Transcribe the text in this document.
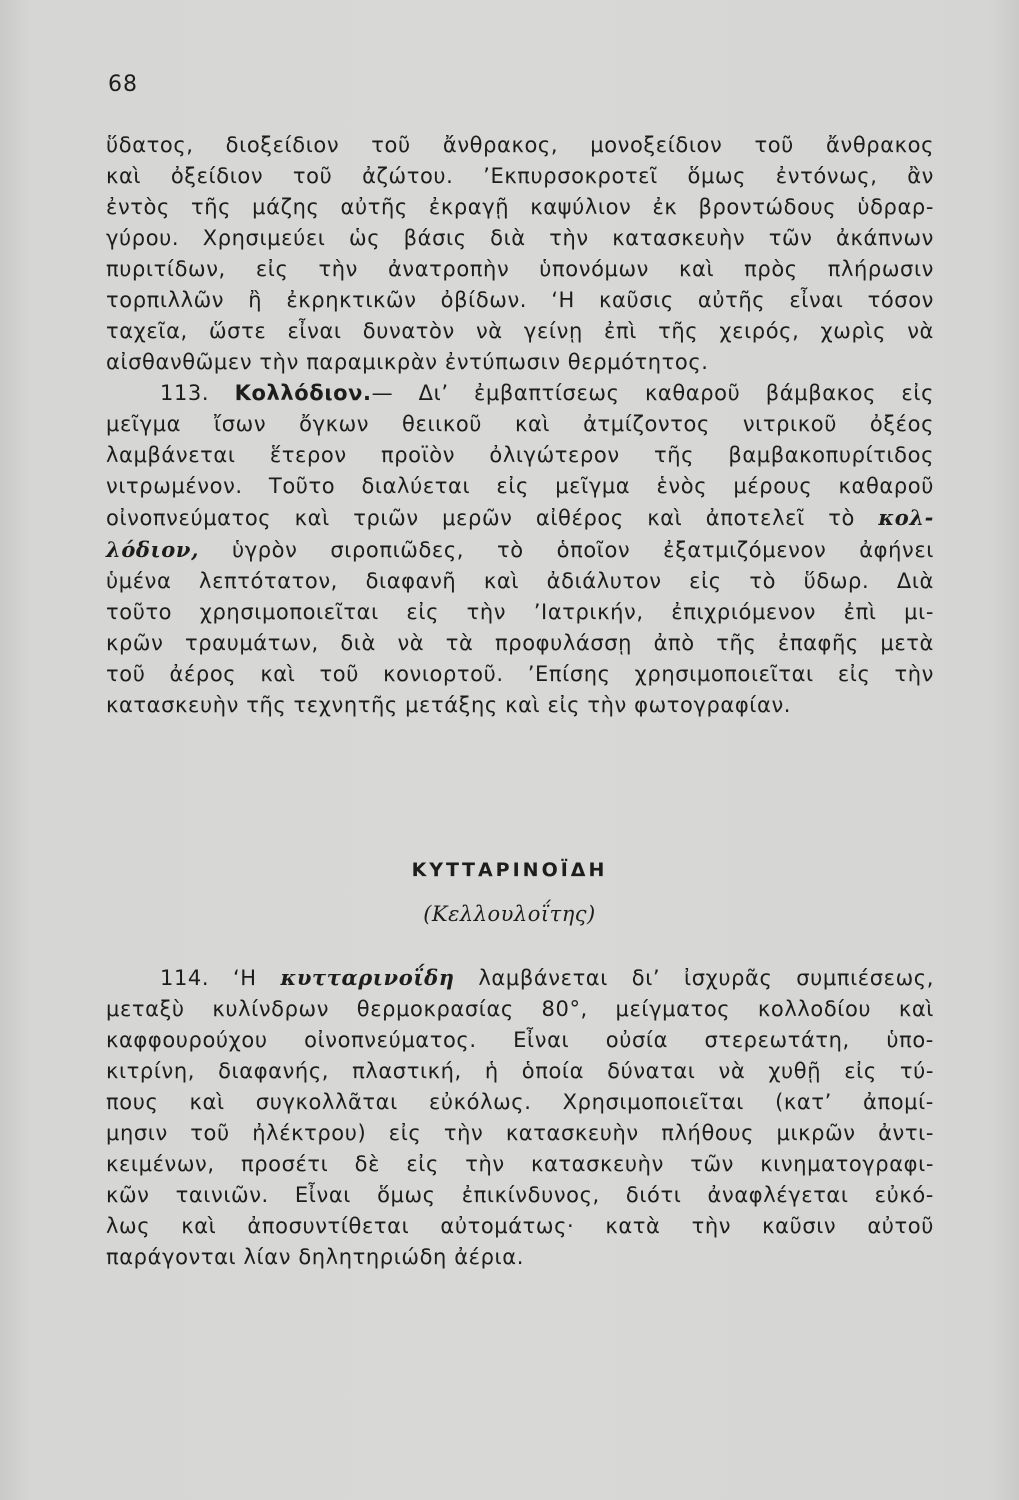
68

ὕδατος, διοξείδιον τοῦ ἄνθρακος, μονοξείδιον τοῦ ἄνθρακος

καὶ ὀξείδιον τοῦ ἀζώτου. ’Εκπυρσοκροτεῖ ὅμως ἐντόνως, ἂν

ἐντὸς τῆς μάζης αὐτῆς ἐκραγῇ καψύλιον ἐκ βροντώδους ὑδραρ-

γύρου. Χρησιμεύει ὡς βάσις διὰ τὴν κατασκευὴν τῶν ἀκάπνων

πυριτίδων, εἰς τὴν ἀνατροπὴν ὑπονόμων καὶ πρὸς πλήρωσιν

τορπιλλῶν ἢ ἐκρηκτικῶν ὀβίδων. ‘Η καῦσις αὐτῆς εἶναι τόσον

ταχεῖα, ὥστε εἶναι δυνατὸν νὰ γείνῃ ἐπὶ τῆς χειρός, χωρὶς νὰ

αἰσθανθῶμεν τὴν παραμικρὰν ἐντύπωσιν θερμότητος.

113. Κολλόδιον.— Δι’ ἐμβαπτίσεως καθαροῦ βάμβακος εἰς

μεῖγμα ἴσων ὄγκων θειικοῦ καὶ ἀτμίζοντος νιτρικοῦ ὀξέος

λαμβάνεται ἕτερον προϊὸν ὀλιγώτερον τῆς βαμβακοπυρίτιδος

νιτρωμένον. Τοῦτο διαλύεται εἰς μεῖγμα ἑνὸς μέρους καθαροῦ

οἰνοπνεύματος καὶ τριῶν μερῶν αἰθέρος καὶ ἀποτελεῖ τὸ κολ-

λόδιον, ὑγρὸν σιροπιῶδες, τὸ ὁποῖον ἐξατμιζόμενον ἀφήνει

ὑμένα λεπτότατον, διαφανῆ καὶ ἀδιάλυτον εἰς τὸ ὕδωρ. Διὰ

τοῦτο χρησιμοποιεῖται εἰς τὴν ’Ιατρικήν, ἐπιχριόμενον ἐπὶ μι-

κρῶν τραυμάτων, διὰ νὰ τὰ προφυλάσσῃ ἀπὸ τῆς ἐπαφῆς μετὰ

τοῦ ἀέρος καὶ τοῦ κονιορτοῦ. ’Επίσης χρησιμοποιεῖται εἰς τὴν

κατασκευὴν τῆς τεχνητῆς μετάξης καὶ εἰς τὴν φωτογραφίαν.

ΚΥΤΤΑΡΙΝΟΪΔΗ
(Κελλουλοΐτης)

114. ‘Η κυτταρινοΐδη λαμβάνεται δι’ ἰσχυρᾶς συμπιέσεως,

μεταξὺ κυλίνδρων θερμοκρασίας 80°, μείγματος κολλοδίου καὶ

καφφουρούχου οἰνοπνεύματος. Εἶναι οὐσία στερεωτάτη, ὑπο-

κιτρίνη, διαφανής, πλαστική, ἡ ὁποία δύναται νὰ χυθῇ εἰς τύ-

πους καὶ συγκολλᾶται εὐκόλως. Χρησιμοποιεῖται (κατ’ ἀπομί-

μησιν τοῦ ἠλέκτρου) εἰς τὴν κατασκευὴν πλήθους μικρῶν ἀντι-

κειμένων, προσέτι δὲ εἰς τὴν κατασκευὴν τῶν κινηματογραφι-

κῶν ταινιῶν. Εἶναι ὅμως ἐπικίνδυνος, διότι ἀναφλέγεται εὐκό-

λως καὶ ἀποσυντίθεται αὐτομάτως· κατὰ τὴν καῦσιν αὐτοῦ

παράγονται λίαν δηλητηριώδη ἀέρια.
